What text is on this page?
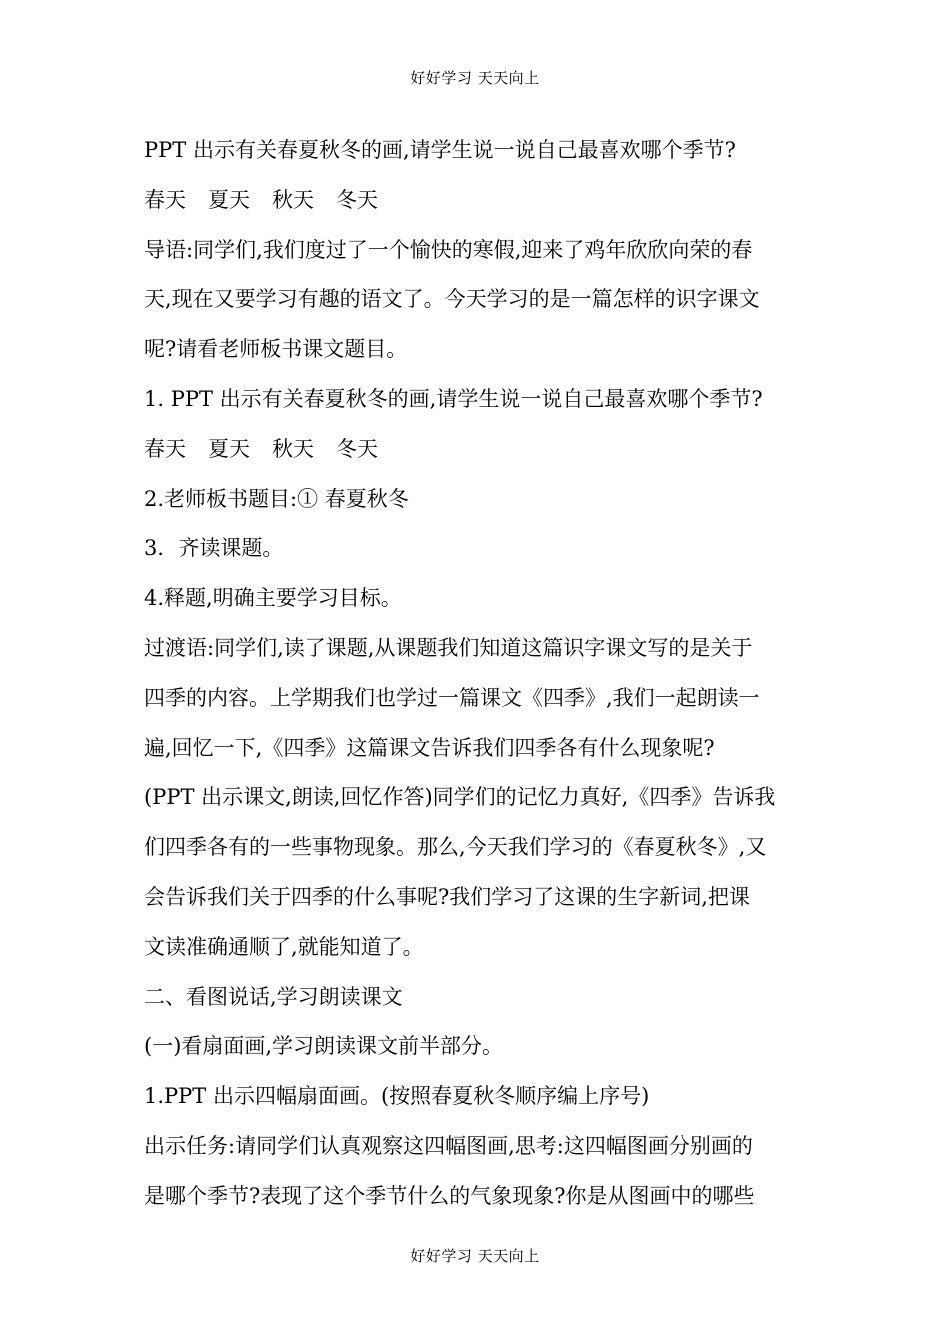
好好学习 天天向上

PPT 出示有关春夏秋冬的画,请学生说一说自己最喜欢哪个季节?

春天 夏天 秋天 冬天

导语:同学们,我们度过了一个愉快的寒假,迎来了鸡年欣欣向荣的春

天,现在又要学习有趣的语文了。今天学习的是一篇怎样的识字课文

呢?请看老师板书课文题目。

1. PPT 出示有关春夏秋冬的画,请学生说一说自己最喜欢哪个季节?

春天 夏天 秋天 冬天

2.老师板书题目:① 春夏秋冬

3．齐读课题。

4.释题,明确主要学习目标。

过渡语:同学们,读了课题,从课题我们知道这篇识字课文写的是关于

四季的内容。上学期我们也学过一篇课文《四季》,我们一起朗读一

遍,回忆一下,《四季》这篇课文告诉我们四季各有什么现象呢?

(PPT 出示课文,朗读,回忆作答)同学们的记忆力真好,《四季》告诉我

们四季各有的一些事物现象。那么,今天我们学习的《春夏秋冬》,又

会告诉我们关于四季的什么事呢?我们学习了这课的生字新词,把课

文读准确通顺了,就能知道了。

二、看图说话,学习朗读课文

(一)看扇面画,学习朗读课文前半部分。

1.PPT 出示四幅扇面画。(按照春夏秋冬顺序编上序号)

出示任务:请同学们认真观察这四幅图画,思考:这四幅图画分别画的

是哪个季节?表现了这个季节什么的气象现象?你是从图画中的哪些

好好学习 天天向上
